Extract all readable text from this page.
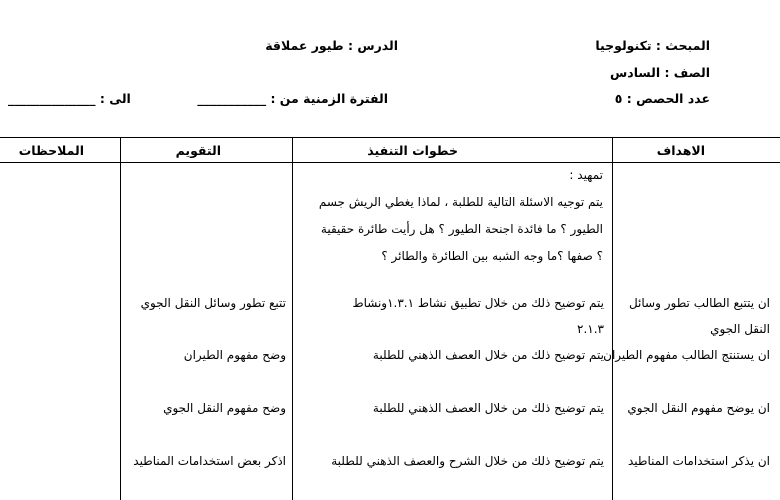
المبحث : تكنولوجيا
الدرس : طيور عملاقة
الصف : السادس
الفترة الزمنية من : ___________
الى : ______________	عدد الحصص : ٥
الاهداف
خطوات التنفيذ
التقويم
الملاحظات
تمهيد :
يتم توجيه الاسئلة التالية للطلبة ، لماذا يغطي الريش جسم
الطيور ؟ ما فائدة اجنحة الطيور ؟ هل رأيت طائرة حقيقية
؟ صفها ؟ما وجه الشبه بين الطائرة والطائر ؟
ان يتتبع الطالب تطور وسائل النقل الجوي
يتم توضيح ذلك من خلال تطبيق نشاط ١.٣.١ونشاط ٢.١.٣
تتبع تطور وسائل النقل الجوي
ان يستنتج الطالب مفهوم الطيران
يتم توضيح ذلك من خلال العصف الذهني للطلبة
وضح مفهوم الطيران
ان يوضح مفهوم النقل الجوي
يتم توضيح ذلك من خلال العصف الذهني للطلبة
وضح مفهوم النقل الجوي
ان يذكر استخدامات المناطيد
يتم توضيح ذلك من خلال الشرح والعصف الذهني للطلبة
اذكر بعض استخدامات المناطيد
